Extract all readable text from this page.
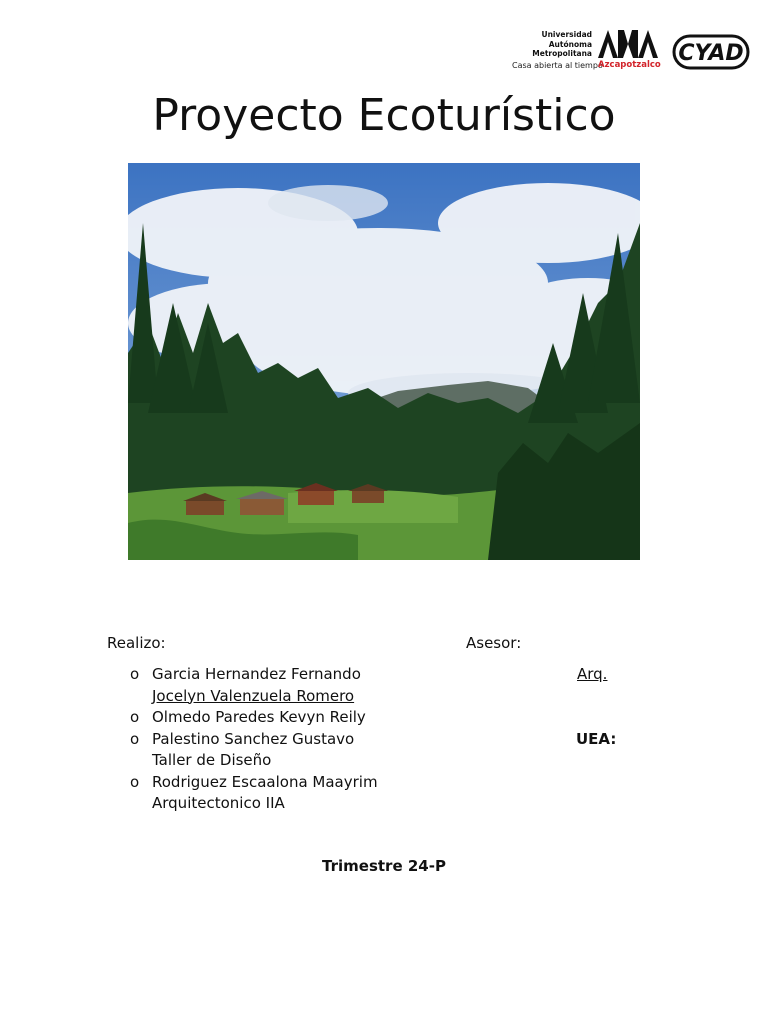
Universidad
Autónoma
Metropolitana	UAM
Casa abierta al tiempo
Azcapotzalco CYAD
Proyecto Ecoturístico
Realizo:	Asesor:
o Garcia Hernandez Fernando
Jocelyn Valenzuela Romero
o Olmedo Paredes Kevyn Reily
o Palestino Sanchez Gustavo
Taller de Diseño
o Rodriguez Escaalona Maayrim
Arquitectonico IIA
Arq.
UEA:
Trimestre 24-P
